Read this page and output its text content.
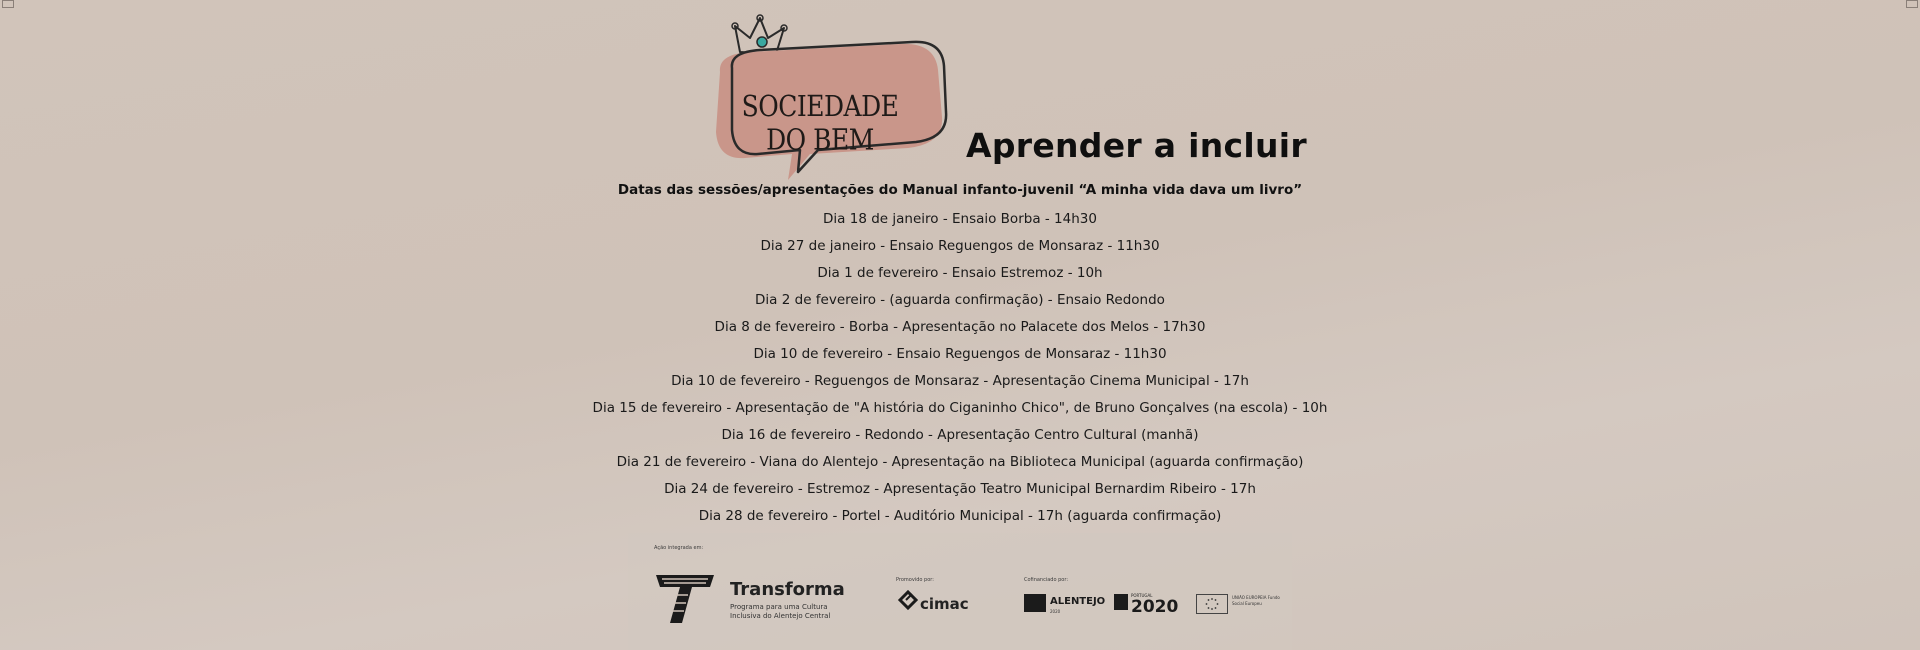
SOCIEDADE DO BEM	Aprender a incluir
Datas das sessões/apresentações do Manual infanto-juvenil “A minha vida dava um livro”
Dia 18 de janeiro - Ensaio Borba - 14h30
Dia 27 de janeiro - Ensaio Reguengos de Monsaraz - 11h30
Dia 1 de fevereiro - Ensaio Estremoz - 10h
Dia 2 de fevereiro - (aguarda confirmação) - Ensaio Redondo
Dia 8 de fevereiro - Borba - Apresentação no Palacete dos Melos - 17h30
Dia 10 de fevereiro - Ensaio Reguengos de Monsaraz - 11h30
Dia 10 de fevereiro - Reguengos de Monsaraz - Apresentação Cinema Municipal - 17h
Dia 15 de fevereiro - Apresentação de "A história do Ciganinho Chico", de Bruno Gonçalves (na escola) - 10h
Dia 16 de fevereiro - Redondo - Apresentação Centro Cultural (manhã)
Dia 21 de fevereiro - Viana do Alentejo - Apresentação na Biblioteca Municipal (aguarda confirmação)
Dia 24 de fevereiro - Estremoz - Apresentação Teatro Municipal Bernardim Ribeiro - 17h
Dia 28 de fevereiro - Portel - Auditório Municipal - 17h (aguarda confirmação)
Ação integrada em:
Transforma
Programa para uma Cultura Inclusiva do Alentejo Central
Promovido por:
cimac
Cofinanciado por:
ALENTEJO
2020
PORTUGAL
2020	UNIÃO EUROPEIA Fundo Social Europeu
